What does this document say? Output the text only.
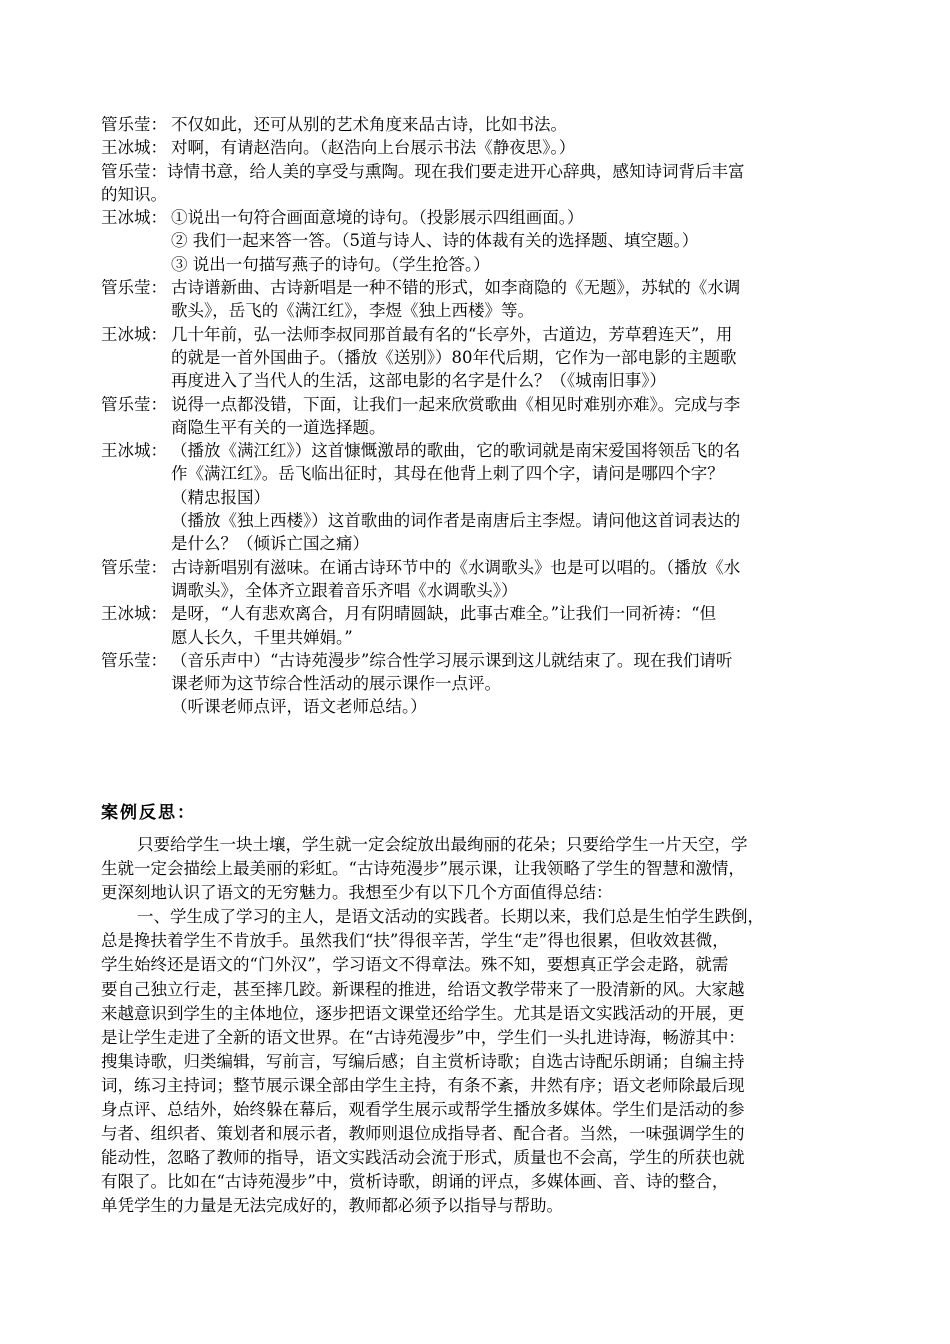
管乐莹： 不仅如此，还可从别的艺术角度来品古诗，比如书法。
王冰城： 对啊，有请赵浩向。（赵浩向上台展示书法《静夜思》。）
管乐莹：诗情书意，给人美的享受与熏陶。现在我们要走进开心辞典，感知诗词背后丰富
的知识。
王冰城： ①说出一句符合画面意境的诗句。（投影展示四组画面。）
② 我们一起来答一答。（5道与诗人、诗的体裁有关的选择题、填空题。）
③ 说出一句描写燕子的诗句。（学生抢答。）
管乐莹： 古诗谱新曲、古诗新唱是一种不错的形式，如李商隐的《无题》，苏轼的《水调
歌头》，岳飞的《满江红》，李煜《独上西楼》等。
王冰城： 几十年前，弘一法师李叔同那首最有名的“长亭外，古道边，芳草碧连天”，用
的就是一首外国曲子。（播放《送别》）80年代后期，它作为一部电影的主题歌
再度进入了当代人的生活，这部电影的名字是什么？（《城南旧事》）
管乐莹： 说得一点都没错，下面，让我们一起来欣赏歌曲《相见时难别亦难》。完成与李
商隐生平有关的一道选择题。
王冰城： （播放《满江红》）这首慷慨激昂的歌曲，它的歌词就是南宋爱国将领岳飞的名
作《满江红》。岳飞临出征时，其母在他背上刺了四个字，请问是哪四个字？
（精忠报国）
（播放《独上西楼》）这首歌曲的词作者是南唐后主李煜。请问他这首词表达的
是什么？（倾诉亡国之痛）
管乐莹： 古诗新唱别有滋味。在诵古诗环节中的《水调歌头》也是可以唱的。（播放《水
调歌头》，全体齐立跟着音乐齐唱《水调歌头》）
王冰城： 是呀，“人有悲欢离合，月有阴晴圆缺，此事古难全。”让我们一同祈祷：“但
愿人长久，千里共婵娟。”
管乐莹： （音乐声中）“古诗苑漫步”综合性学习展示课到这儿就结束了。现在我们请听
课老师为这节综合性活动的展示课作一点评。
（听课老师点评，语文老师总结。）
案例反思：
只要给学生一块土壤，学生就一定会绽放出最绚丽的花朵；只要给学生一片天空，学
生就一定会描绘上最美丽的彩虹。“古诗苑漫步”展示课，让我领略了学生的智慧和激情，
更深刻地认识了语文的无穷魅力。我想至少有以下几个方面值得总结：
一、学生成了学习的主人，是语文活动的实践者。长期以来，我们总是生怕学生跌倒，
总是搀扶着学生不肯放手。虽然我们“扶”得很辛苦，学生“走”得也很累，但收效甚微，
学生始终还是语文的“门外汉”，学习语文不得章法。殊不知，要想真正学会走路，就需
要自己独立行走，甚至摔几跤。新课程的推进，给语文教学带来了一股清新的风。大家越
来越意识到学生的主体地位，逐步把语文课堂还给学生。尤其是语文实践活动的开展，更
是让学生走进了全新的语文世界。在“古诗苑漫步”中，学生们一头扎进诗海，畅游其中：
搜集诗歌，归类编辑，写前言，写编后感；自主赏析诗歌；自选古诗配乐朗诵；自编主持
词，练习主持词；整节展示课全部由学生主持，有条不紊，井然有序；语文老师除最后现
身点评、总结外，始终躲在幕后，观看学生展示或帮学生播放多媒体。学生们是活动的参
与者、组织者、策划者和展示者，教师则退位成指导者、配合者。当然，一味强调学生的
能动性，忽略了教师的指导，语文实践活动会流于形式，质量也不会高，学生的所获也就
有限了。比如在“古诗苑漫步”中，赏析诗歌，朗诵的评点，多媒体画、音、诗的整合，
单凭学生的力量是无法完成好的，教师都必须予以指导与帮助。
